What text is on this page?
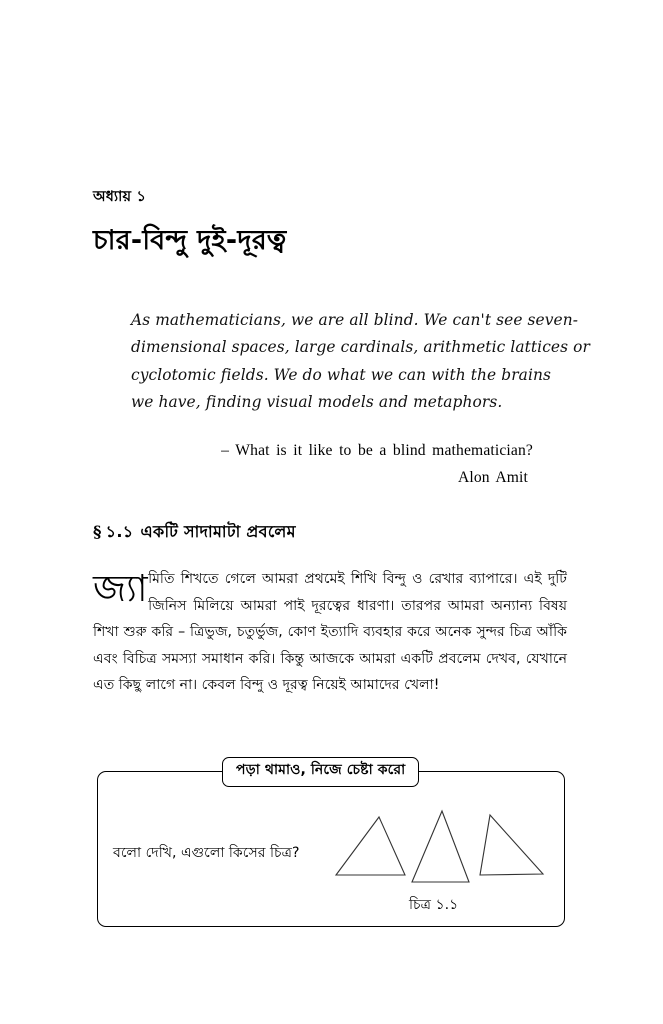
অধ্যায় ১
চার-বিন্দু দুই-দূরত্ব
As mathematicians, we are all blind. We can't see seven-
dimensional spaces, large cardinals, arithmetic lattices or
cyclotomic fields. We do what we can with the brains
we have, finding visual models and metaphors.
– What is it like to be a blind mathematician?
Alon Amit
§ ১.১ একটি সাদামাটা প্রবলেম
জ্যা মিতি শিখতে গেলে আমরা প্রথমেই শিখি বিন্দু ও রেখার ব্যাপারে। এই দুটি জিনিস মিলিয়ে আমরা পাই দূরত্বের ধারণা। তারপর আমরা অন্যান্য বিষয় শিখা শুরু করি – ত্রিভুজ, চতুর্ভুজ, কোণ ইত্যাদি ব্যবহার করে অনেক সুন্দর চিত্র আঁকি এবং বিচিত্র সমস্যা সমাধান করি। কিন্তু আজকে আমরা একটি প্রবলেম দেখব, যেখানে এত কিছু লাগে না। কেবল বিন্দু ও দূরত্ব নিয়েই আমাদের খেলা!
পড়া থামাও, নিজে চেষ্টা করো
বলো দেখি, এগুলো কিসের চিত্র?
চিত্র ১.১
